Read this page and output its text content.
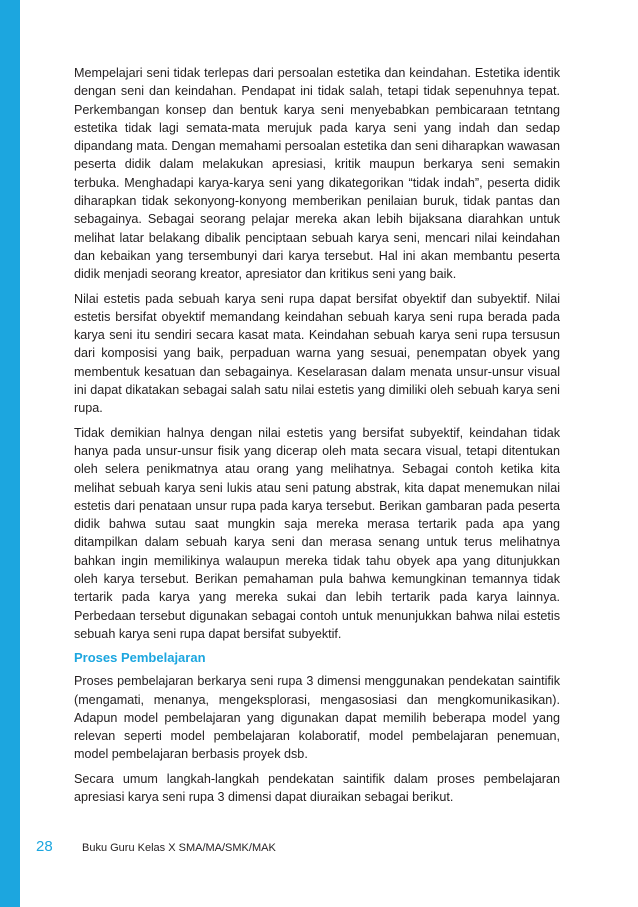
Mempelajari seni tidak terlepas dari persoalan estetika dan keindahan. Estetika identik dengan seni dan keindahan. Pendapat ini tidak salah, tetapi tidak sepenuhnya tepat. Perkembangan konsep dan bentuk karya seni menyebabkan pembicaraan tetntang estetika tidak lagi semata-mata merujuk pada karya seni yang indah dan sedap dipandang mata. Dengan memahami persoalan estetika dan seni diharapkan wawasan peserta didik dalam melakukan apresiasi, kritik maupun berkarya seni semakin terbuka. Menghadapi karya-karya seni yang dikategorikan “tidak indah”, peserta didik diharapkan tidak sekonyong-konyong memberikan penilaian buruk, tidak pantas dan sebagainya. Sebagai seorang pelajar mereka akan lebih bijaksana diarahkan untuk melihat latar belakang dibalik penciptaan sebuah karya seni, mencari nilai keindahan dan kebaikan yang tersembunyi dari karya tersebut. Hal ini akan membantu peserta didik menjadi seorang kreator, apresiator dan kritikus seni yang baik.

Nilai estetis pada sebuah karya seni rupa dapat bersifat obyektif dan subyektif. Nilai estetis bersifat obyektif memandang keindahan sebuah karya seni rupa berada pada karya seni itu sendiri secara kasat mata. Keindahan sebuah karya seni rupa tersusun dari komposisi yang baik, perpaduan warna yang sesuai, penempatan obyek yang membentuk kesatuan dan sebagainya. Keselarasan dalam menata unsur-unsur visual ini dapat dikatakan sebagai salah satu nilai estetis yang dimiliki oleh sebuah karya seni rupa.

Tidak demikian halnya dengan nilai estetis yang bersifat subyektif, keindahan tidak hanya pada unsur-unsur fisik yang dicerap oleh mata secara visual, tetapi ditentukan oleh selera penikmatnya atau orang yang melihatnya. Sebagai contoh ketika kita melihat sebuah karya seni lukis atau seni patung abstrak, kita dapat menemukan nilai estetis dari penataan unsur rupa pada karya tersebut. Berikan gambaran pada peserta didik bahwa sutau saat mungkin saja mereka merasa tertarik pada apa yang ditampilkan dalam sebuah karya seni dan merasa senang untuk terus melihatnya bahkan ingin memilikinya walaupun mereka tidak tahu obyek apa yang ditunjukkan oleh karya tersebut. Berikan pemahaman pula bahwa kemungkinan temannya tidak tertarik pada karya yang mereka sukai dan lebih tertarik pada karya lainnya. Perbedaan tersebut digunakan sebagai contoh untuk menunjukkan bahwa nilai estetis sebuah karya seni rupa dapat bersifat subyektif.

Proses Pembelajaran

Proses pembelajaran berkarya seni rupa 3 dimensi menggunakan pendekatan saintifik (mengamati, menanya, mengeksplorasi, mengasosiasi dan mengkomunikasikan). Adapun model pembelajaran yang digunakan dapat memilih beberapa model yang relevan seperti model pembelajaran kolaboratif, model pembelajaran penemuan, model pembelajaran berbasis proyek dsb.

Secara umum langkah-langkah pendekatan saintifik dalam proses pembelajaran apresiasi karya seni rupa 3 dimensi dapat diuraikan sebagai berikut.

28	Buku Guru Kelas X SMA/MA/SMK/MAK
